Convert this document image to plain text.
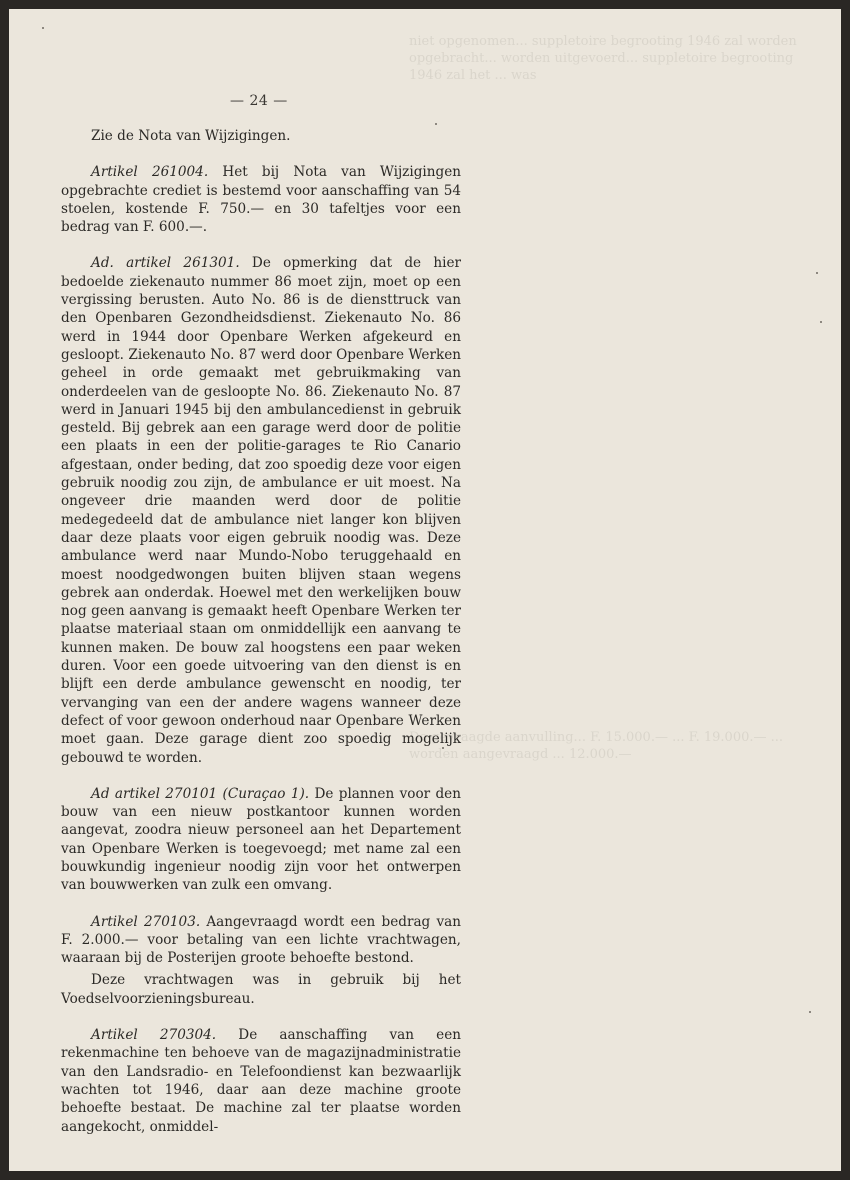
niet opgenomen... suppletoire begrooting 1946 zal worden opgebracht... worden uitgevoerd... suppletoire begrooting 1946 zal het ... was
De gevraagde aanvulling... F. 15.000.— ... F. 19.000.— ... worden aangevraagd ... 12.000.—
— 24 —

Zie de Nota van Wijzigingen.

Artikel 261004. Het bij Nota van Wijzigingen opgebrachte crediet is bestemd voor aanschaffing van 54 stoelen, kostende F. 750.— en 30 tafeltjes voor een bedrag van F. 600.—.

Ad. artikel 261301. De opmerking dat de hier bedoelde ziekenauto nummer 86 moet zijn, moet op een vergissing berusten. Auto No. 86 is de diensttruck van den Openbaren Gezondheidsdienst. Ziekenauto No. 86 werd in 1944 door Openbare Werken afgekeurd en gesloopt. Ziekenauto No. 87 werd door Openbare Werken geheel in orde gemaakt met gebruikmaking van onderdeelen van de gesloopte No. 86. Ziekenauto No. 87 werd in Januari 1945 bij den ambulancedienst in gebruik gesteld. Bij gebrek aan een garage werd door de politie een plaats in een der politie-garages te Rio Canario afgestaan, onder beding, dat zoo spoedig deze voor eigen gebruik noodig zou zijn, de ambulance er uit moest. Na ongeveer drie maanden werd door de politie medegedeeld dat de ambulance niet langer kon blijven daar deze plaats voor eigen gebruik noodig was. Deze ambulance werd naar Mundo-Nobo teruggehaald en moest noodgedwongen buiten blijven staan wegens gebrek aan onderdak. Hoewel met den werkelijken bouw nog geen aanvang is gemaakt heeft Openbare Werken ter plaatse materiaal staan om onmiddellijk een aanvang te kunnen maken. De bouw zal hoogstens een paar weken duren. Voor een goede uitvoering van den dienst is en blijft een derde ambulance gewenscht en noodig, ter vervanging van een der andere wagens wanneer deze defect of voor gewoon onderhoud naar Openbare Werken moet gaan. Deze garage dient zoo spoedig mogelijk gebouwd te worden.

Ad artikel 270101 (Curaçao 1). De plannen voor den bouw van een nieuw postkantoor kunnen worden aangevat, zoodra nieuw personeel aan het Departement van Openbare Werken is toegevoegd; met name zal een bouwkundig ingenieur noodig zijn voor het ontwerpen van bouwwerken van zulk een omvang.

Artikel 270103. Aangevraagd wordt een bedrag van F. 2.000.— voor betaling van een lichte vrachtwagen, waaraan bij de Posterijen groote behoefte bestond.

Deze vrachtwagen was in gebruik bij het Voedselvoorzieningsbureau.

Artikel 270304. De aanschaffing van een rekenmachine ten behoeve van de magazijnadministratie van den Landsradio- en Telefoondienst kan bezwaarlijk wachten tot 1946, daar aan deze machine groote behoefte bestaat. De machine zal ter plaatse worden aangekocht, onmiddel-
